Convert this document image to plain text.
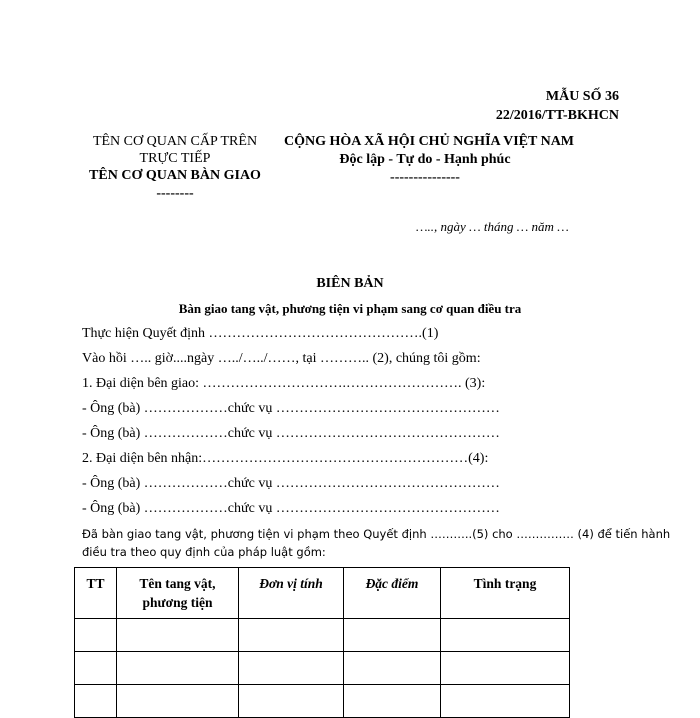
MẪU SỐ 36
22/2016/TT-BKHCN
TÊN CƠ QUAN CẤP TRÊN
TRỰC TIẾP
TÊN CƠ QUAN BÀN GIAO
--------
CỘNG HÒA XÃ HỘI CHỦ NGHĨA VIỆT NAM
Độc lập - Tự do - Hạnh phúc
---------------
….., ngày … tháng … năm …
BIÊN BẢN
Bàn giao tang vật, phương tiện vi phạm sang cơ quan điều tra
Thực hiện Quyết định ……………………………………….(1)
Vào hồi ….. giờ....ngày …../…../……, tại ……….. (2), chúng tôi gồm:
1. Đại diện bên giao: ………………………….……………………. (3):
- Ông (bà) ………………chức vụ …………………………………………
- Ông (bà) ………………chức vụ …………………………………………
2. Đại diện bên nhận:…………………………………………………(4):
- Ông (bà) ………………chức vụ …………………………………………
- Ông (bà) ………………chức vụ …………………………………………
Đã bàn giao tang vật, phương tiện vi phạm theo Quyết định ………..(5) cho …………… (4) để tiến hành
điều tra theo quy định của pháp luật gồm:
TT	Tên tang vật,
phương tiện	Đơn vị tính	Đặc điểm	Tình trạng
